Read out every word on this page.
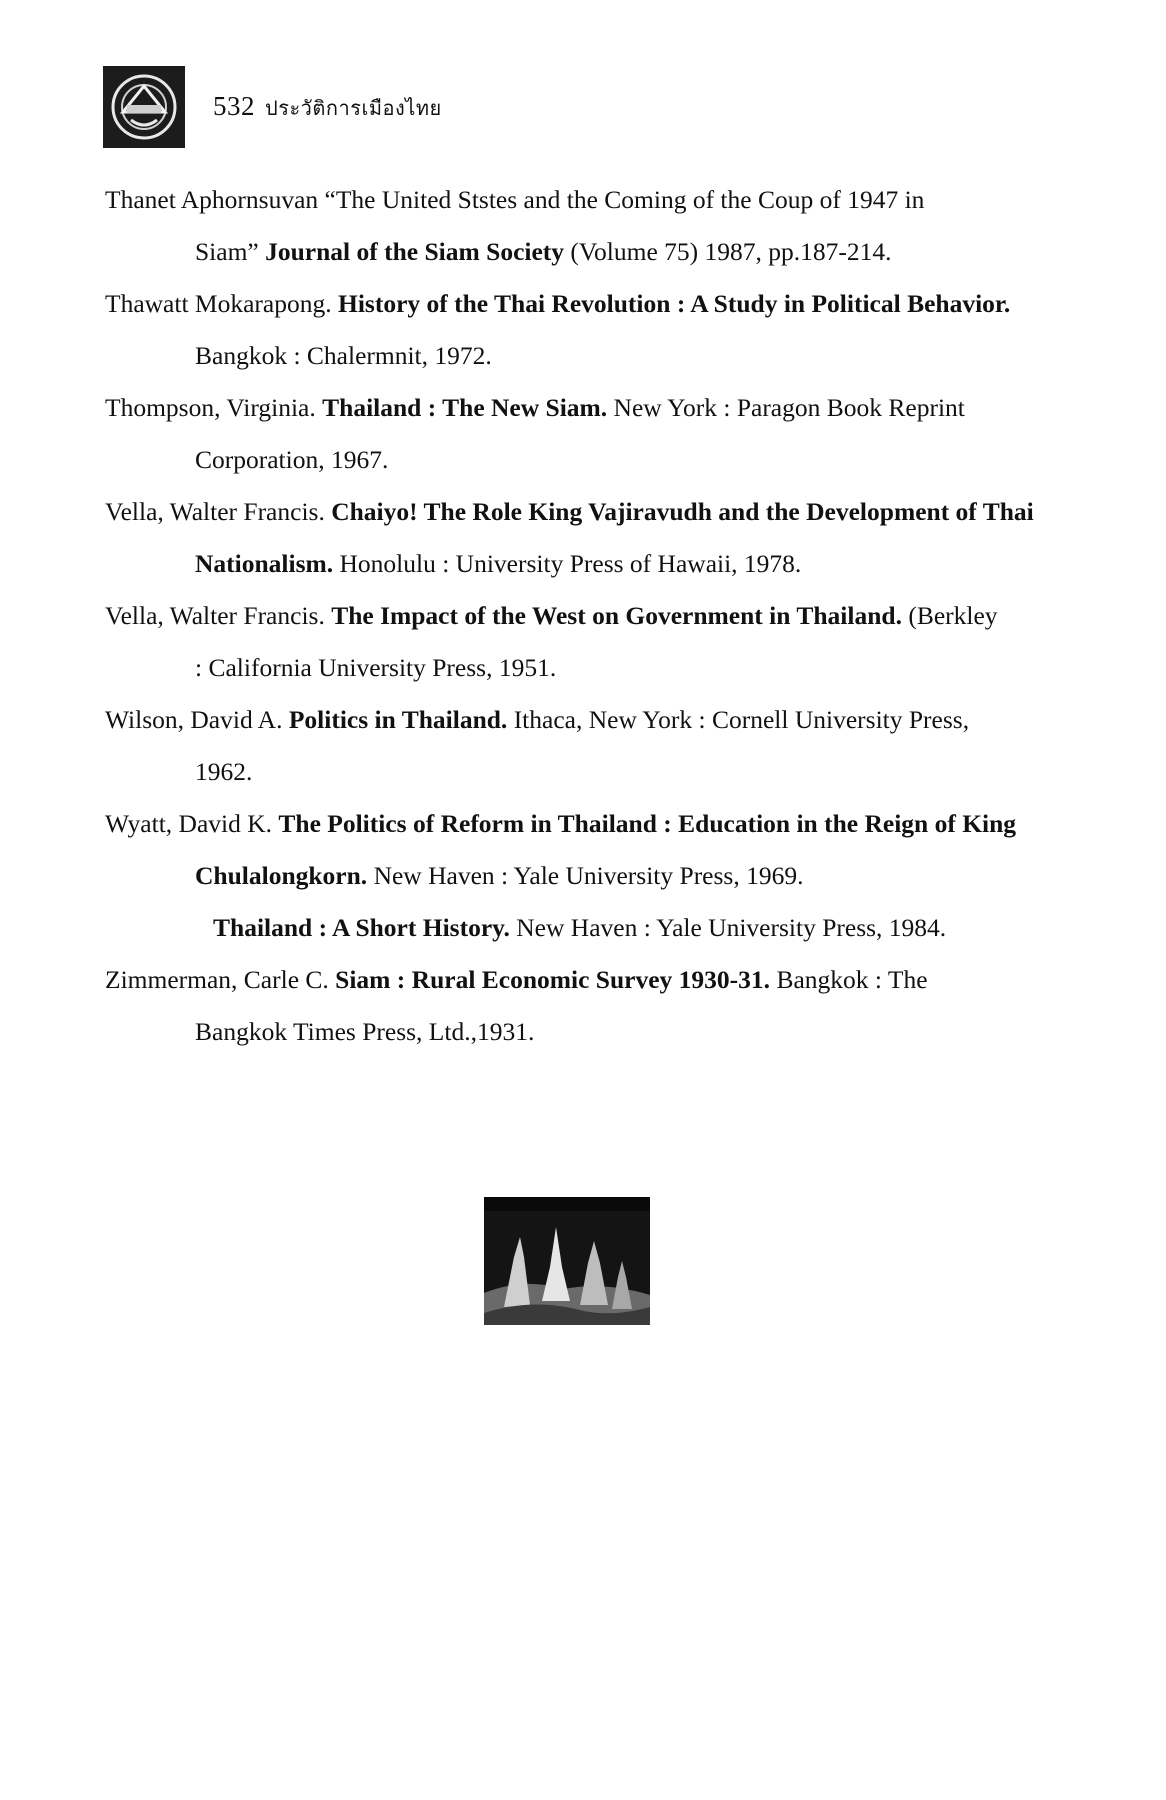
532 ประวัติการเมืองไทย
Thanet Aphornsuvan “The United Ststes and the Coming of the Coup of 1947 in
Siam” Journal of the Siam Society (Volume 75) 1987, pp.187-214.
Thawatt Mokarapong. History of the Thai Revolution : A Study in Political Behavior.
Bangkok : Chalermnit, 1972.
Thompson, Virginia. Thailand : The New Siam. New York : Paragon Book Reprint
Corporation, 1967.
Vella, Walter Francis. Chaiyo! The Role King Vajiravudh and the Development of Thai
Nationalism. Honolulu : University Press of Hawaii, 1978.
Vella, Walter Francis. The Impact of the West on Government in Thailand. (Berkley
: California University Press, 1951.
Wilson, David A. Politics in Thailand. Ithaca, New York : Cornell University Press,
1962.
Wyatt, David K. The Politics of Reform in Thailand : Education in the Reign of King
Chulalongkorn. New Haven : Yale University Press, 1969.
Thailand : A Short History. New Haven : Yale University Press, 1984.
Zimmerman, Carle C. Siam : Rural Economic Survey 1930-31. Bangkok : The
Bangkok Times Press, Ltd.,1931.
